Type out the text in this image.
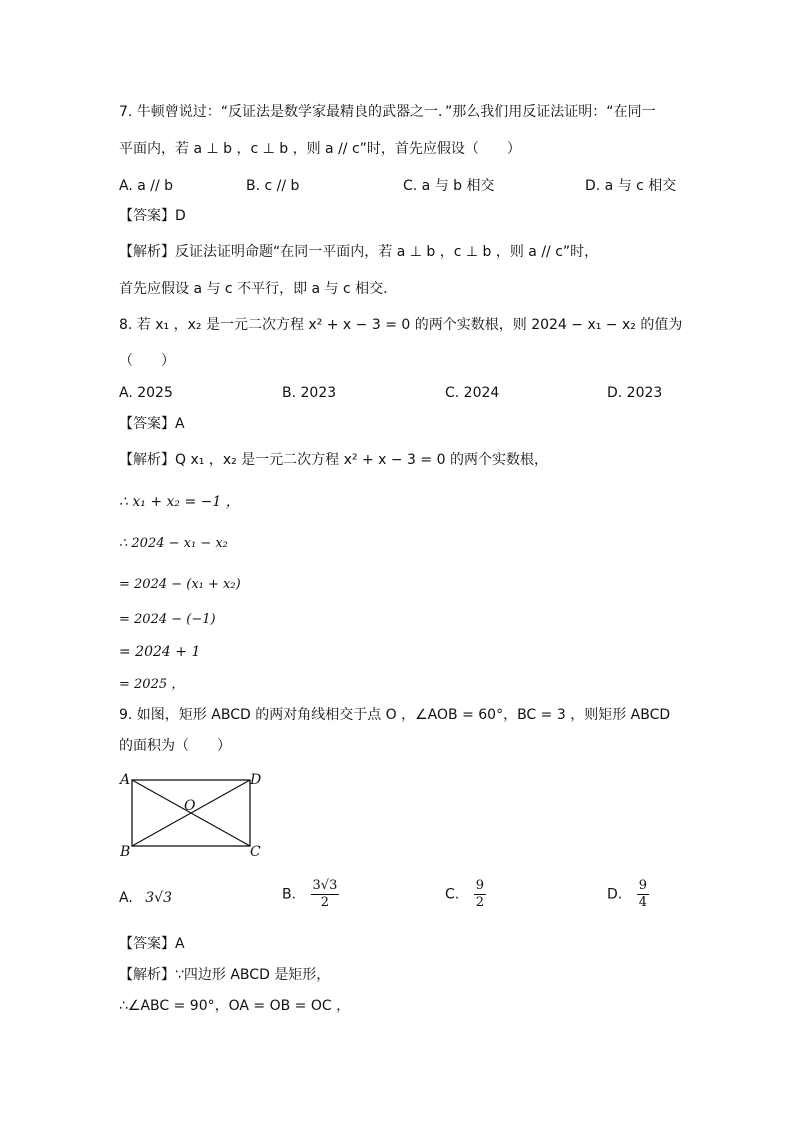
7. 牛顿曾说过：“反证法是数学家最精良的武器之一．”那么我们用反证法证明：“在同一
平面内，若 a ⊥ b ，c ⊥ b ，则 a // c”时，首先应假设（　　）
A. a // b	B. c // b	C. a 与 b 相交	D. a 与 c 相交
【答案】D
【解析】反证法证明命题“在同一平面内，若 a ⊥ b ，c ⊥ b ，则 a // c”时，
首先应假设 a 与 c 不平行，即 a 与 c 相交．
8. 若 x₁ ，x₂ 是一元二次方程 x² + x − 3 = 0 的两个实数根，则 2024 − x₁ − x₂ 的值为
（　　）
A. 2025	B. 2023	C. 2024	D. 2023
【答案】A
【解析】Q x₁ ，x₂ 是一元二次方程 x² + x − 3 = 0 的两个实数根，
∴ x₁ + x₂ = −1 ，
∴ 2024 − x₁ − x₂
= 2024 − (x₁ + x₂)
= 2024 − (−1)
= 2024 + 1
= 2025 ，
9. 如图，矩形 ABCD 的两对角线相交于点 O ，∠AOB = 60°，BC = 3 ，则矩形 ABCD
的面积为（　　）
A	D
O
B	C
A. 3√3	B. $\frac{3√3}{2}$	C. $\frac{9}{2}$	D. $\frac{9}{4}$
【答案】A
【解析】∵四边形 ABCD 是矩形，
∴∠ABC = 90°，OA = OB = OC ，
